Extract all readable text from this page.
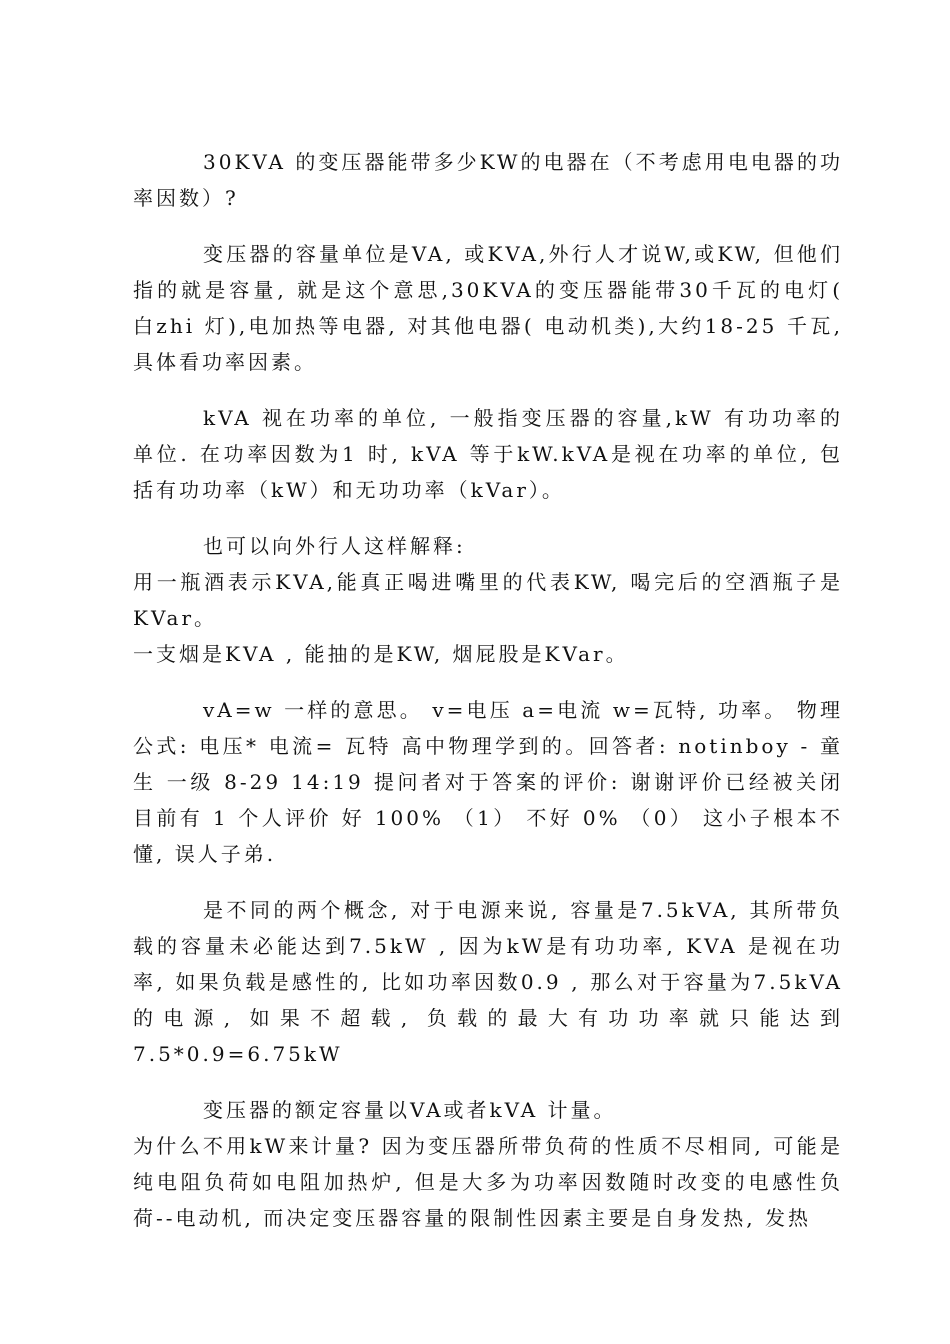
30KVA 的变压器能带多少KW的电器在（不考虑用电电器的功率因数）?

变压器的容量单位是VA, 或KVA,外行人才说W,或KW, 但他们指的就是容量, 就是这个意思,30KVA的变压器能带30千瓦的电灯( 白zhi 灯),电加热等电器, 对其他电器( 电动机类),大约18-25 千瓦, 具体看功率因素。

kVA 视在功率的单位, 一般指变压器的容量,kW 有功功率的单位. 在功率因数为1 时, kVA 等于kW.kVA是视在功率的单位, 包括有功功率（kW）和无功功率（kVar）。

也可以向外行人这样解释:

用一瓶酒表示KVA,能真正喝进嘴里的代表KW, 喝完后的空酒瓶子是KVar。

一支烟是KVA , 能抽的是KW, 烟屁股是KVar。

vA=w 一样的意思。 v=电压 a=电流 w=瓦特, 功率。 物理公式: 电压* 电流= 瓦特 高中物理学到的。回答者: notinboy - 童生 一级 8-29 14:19 提问者对于答案的评价: 谢谢评价已经被关闭 目前有 1 个人评价 好 100% （1） 不好 0% （0） 这小子根本不懂, 误人子弟.

是不同的两个概念, 对于电源来说, 容量是7.5kVA, 其所带负载的容量未必能达到7.5kW , 因为kW是有功功率, KVA 是视在功率, 如果负载是感性的, 比如功率因数0.9 , 那么对于容量为7.5kVA的电源, 如果不超载, 负载的最大有功功率就只能达到7.5*0.9=6.75kW

变压器的额定容量以VA或者kVA 计量。

为什么不用kW来计量? 因为变压器所带负荷的性质不尽相同, 可能是纯电阻负荷如电阻加热炉, 但是大多为功率因数随时改变的电感性负荷--电动机, 而决定变压器容量的限制性因素主要是自身发热, 发热
